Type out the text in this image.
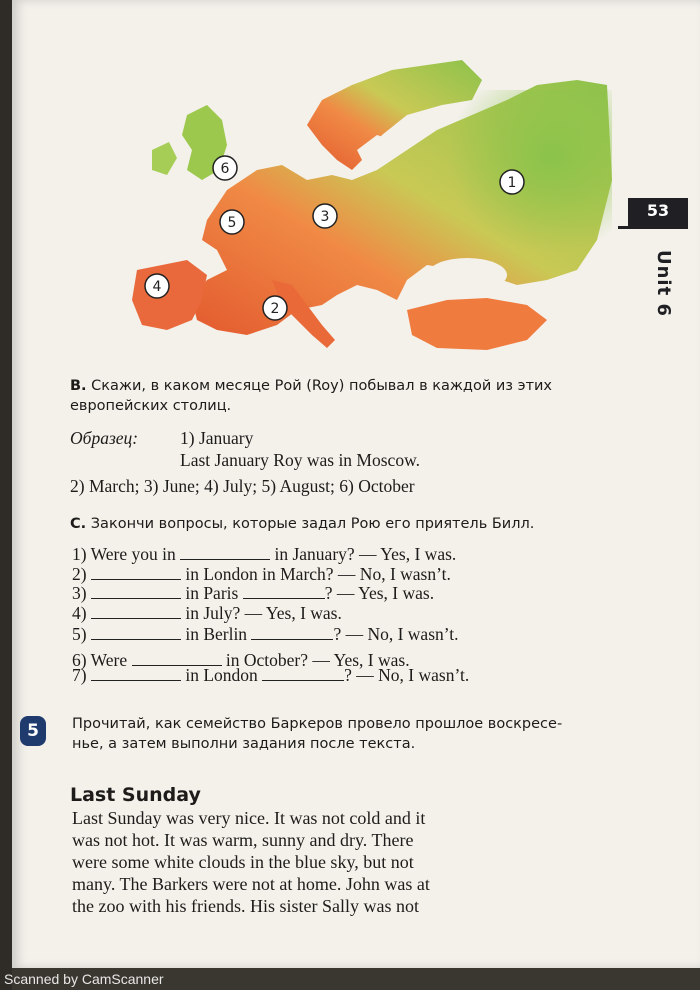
1
2
3
4
5
6
53
Unit 6
B. Скажи, в каком месяце Рой (Roy) побывал в каждой из этих
европейских столиц.
Образец: 1) January
Last January Roy was in Moscow.
2) March; 3) June; 4) July; 5) August; 6) October
C. Закончи вопросы, которые задал Рою его приятель Билл.
1) Were you in	in January? — Yes, I was.
2)	in London in March? — No, I wasn’t.
3)	in Paris	? — Yes, I was.
4)	in July? — Yes, I was.
5)	in Berlin	? — No, I wasn’t.
6) Were	in October? — Yes, I was.
7)	in London	? — No, I wasn’t.
5	Прочитай, как семейство Баркеров провело прошлое воскресе-
нье, а затем выполни задания после текста.
Last Sunday
Last Sunday was very nice. It was not cold and it
was not hot. It was warm, sunny and dry. There
were some white clouds in the blue sky, but not
many. The Barkers were not at home. John was at
the zoo with his friends. His sister Sally was not
Scanned by CamScanner
